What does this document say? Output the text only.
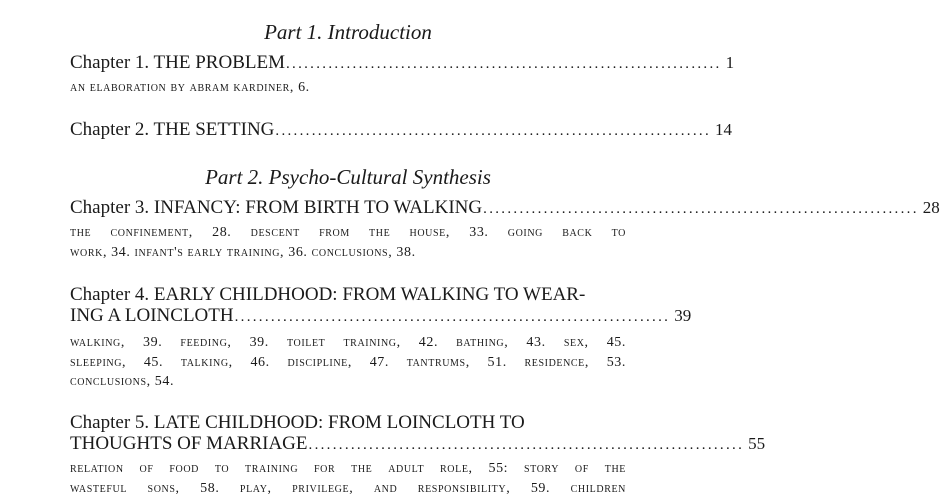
Part 1. Introduction
Chapter 1. THE PROBLEM ........................................................................ 1
an elaboration by abram kardiner, 6.
Chapter 2. THE SETTING ........................................................................ 14
Part 2. Psycho-Cultural Synthesis
Chapter 3. INFANCY: FROM BIRTH TO WALKING ........................................................................ 28
the confinement, 28. descent from the house, 33. going back to
work, 34. infant's early training, 36. conclusions, 38.
Chapter 4. EARLY CHILDHOOD: FROM WALKING TO WEAR-
ING A LOINCLOTH ........................................................................ 39
walking, 39. feeding, 39. toilet training, 42. bathing, 43. sex, 45.
sleeping, 45. talking, 46. discipline, 47. tantrums, 51. residence, 53.
conclusions, 54.
Chapter 5. LATE CHILDHOOD: FROM LOINCLOTH TO
THOUGHTS OF MARRIAGE ........................................................................ 55
relation of food to training for the adult role, 55: story of the
wasteful sons, 58. play, privilege, and responsibility, 59. children
